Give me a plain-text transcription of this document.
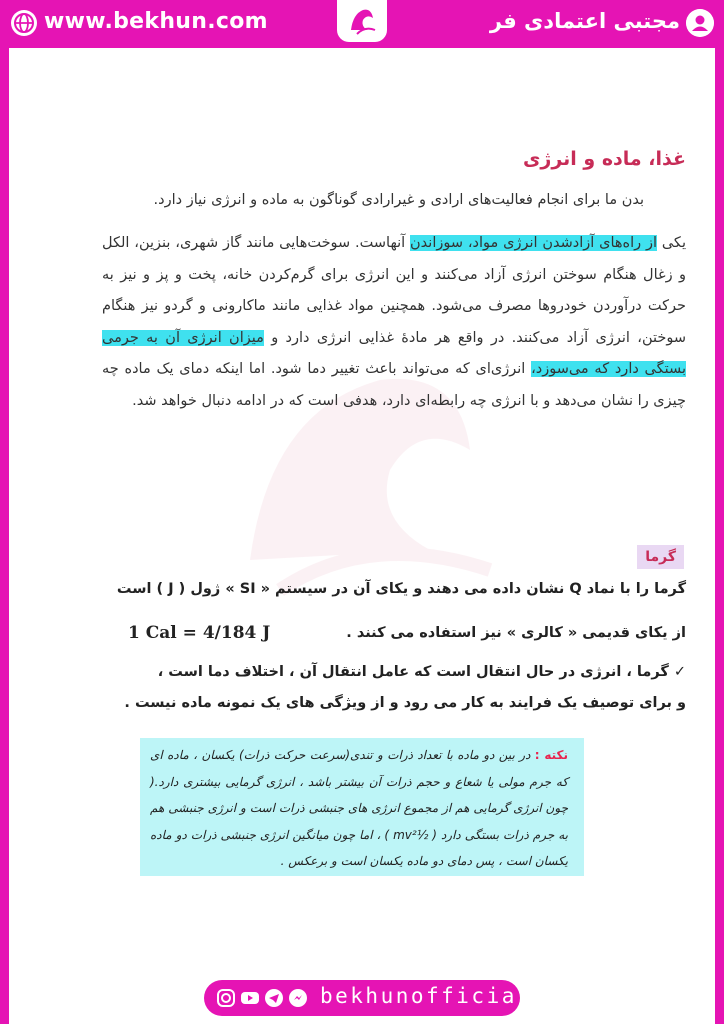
www.bekhun.com	مجتبی اعتمادی فر
غذا، ماده و انرژی
بدن ما برای انجام فعالیت‌های ارادی و غیرارادی گوناگون به ماده و انرژی نیاز دارد.
یکی از راه‌های آزادشدن انرژی مواد، سوزاندن آنهاست. سوخت‌هایی مانند گاز شهری، بنزین، الکل و زغال هنگام سوختن انرژی آزاد می‌کنند و این انرژی برای گرم‌کردن خانه، پخت و پز و نیز به حرکت درآوردن خودروها مصرف می‌شود. همچنین مواد غذایی مانند ماکارونی و گردو نیز هنگام سوختن، انرژی آزاد می‌کنند. در واقع هر مادهٔ غذایی انرژی دارد و میزان انرژی آن به جرمی بستگی دارد که می‌سوزد، انرژی‌ای که می‌تواند باعث تغییر دما شود. اما اینکه دمای یک ماده چه چیزی را نشان می‌دهد و با انرژی چه رابطه‌ای دارد، هدفی است که در ادامه دنبال خواهد شد.
گرما
گرما را با نماد Q نشان داده می دهند و یکای آن در سیستم « SI » ژول ( J ) است
از یکای قدیمی « کالری » نیز استفاده می کنند .
1 Cal = 4/184 J
✓ گرما ، انرژی در حال انتقال است که عامل انتقال آن ، اختلاف دما است ،
و برای توصیف یک فرایند به کار می رود و از ویژگی های یک نمونه ماده نیست .
نکته : در بین دو ماده با تعداد ذرات و تندی(سرعت حرکت ذرات) یکسان ، ماده ای که جرم مولی یا شعاع و حجم ذرات آن بیشتر باشد ، انرژی گرمایی بیشتری دارد.( چون انرژی گرمایی هم از مجموع انرژی های جنبشی ذرات است و انرژی جنبشی هم به جرم ذرات بستگی دارد ( ½mv² ) ، اما چون میانگین انرژی جنبشی ذرات دو ماده یکسان است ، پس دمای دو ماده یکسان است و برعکس .
bekhunofficial
